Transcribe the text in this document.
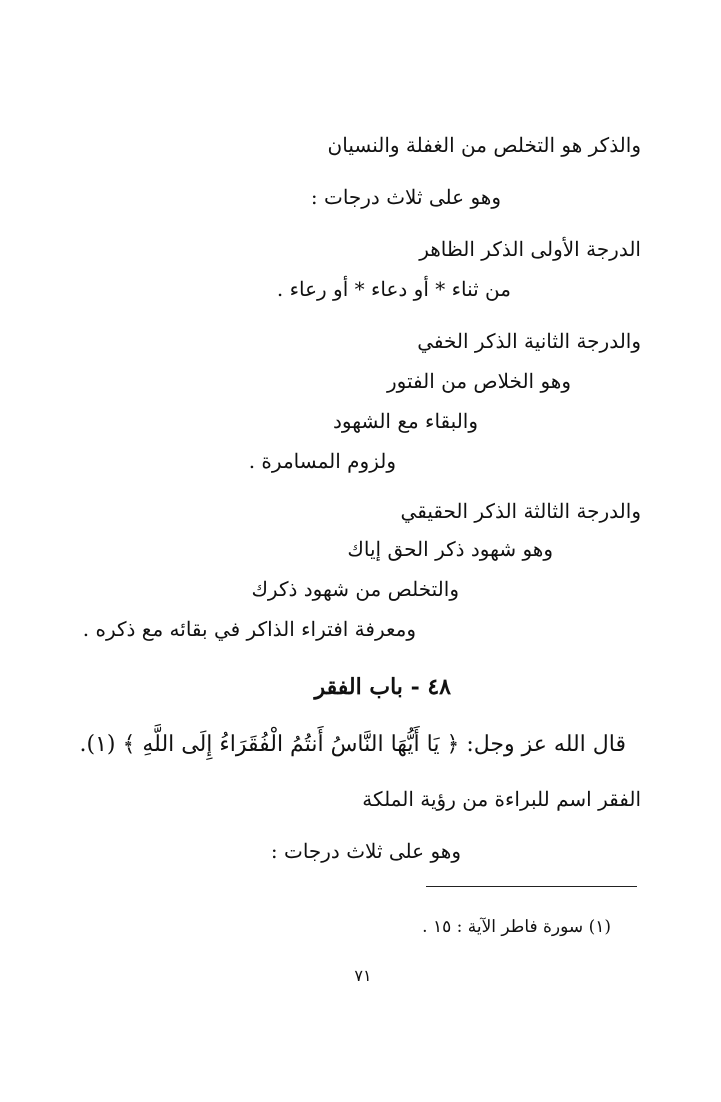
والذكر هو التخلص من الغفلة والنسيان
وهو على ثلاث درجات :
الدرجة الأولى الذكر الظاهر
من ثناء * أو دعاء * أو رعاء .
والدرجة الثانية الذكر الخفي
وهو الخلاص من الفتور
والبقاء مع الشهود
ولزوم المسامرة .
والدرجة الثالثة الذكر الحقيقي
وهو شهود ذكر الحق إياك
والتخلص من شهود ذكرك
ومعرفة افتراء الذاكر في بقائه مع ذكره .
٤٨ - باب الفقر
قال الله عز وجل: ﴿ يَا أَيُّهَا النَّاسُ أَنتُمُ الْفُقَرَاءُ إِلَى اللَّهِ ﴾ (١).
الفقر اسم للبراءة من رؤية الملكة
وهو على ثلاث درجات :
(١) سورة فاطر الآية : ١٥ .
٧١
